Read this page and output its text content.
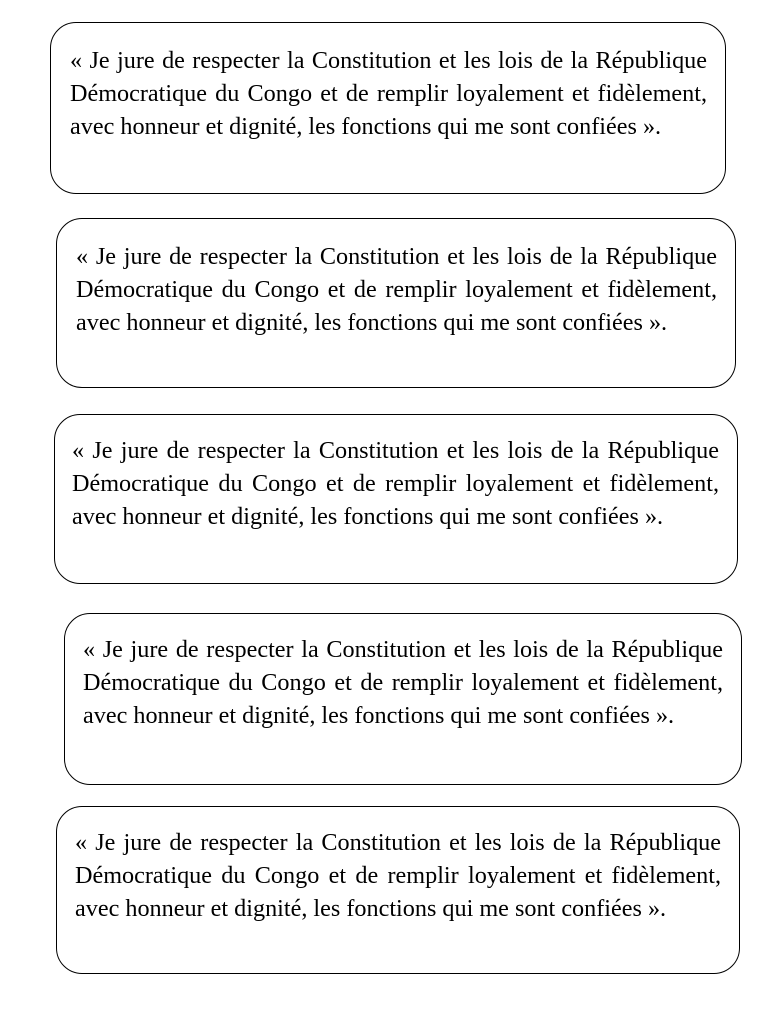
« Je jure de respecter la Constitution et les lois de la République Démocratique du Congo et de remplir loyalement et fidèlement, avec honneur et dignité, les fonctions qui me sont confiées ».

« Je jure de respecter la Constitution et les lois de la République Démocratique du Congo et de remplir loyalement et fidèlement, avec honneur et dignité, les fonctions qui me sont confiées ».

« Je jure de respecter la Constitution et les lois de la République Démocratique du Congo et de remplir loyalement et fidèlement, avec honneur et dignité, les fonctions qui me sont confiées ».

« Je jure de respecter la Constitution et les lois de la République Démocratique du Congo et de remplir loyalement et fidèlement, avec honneur et dignité, les fonctions qui me sont confiées ».

« Je jure de respecter la Constitution et les lois de la République Démocratique du Congo et de remplir loyalement et fidèlement, avec honneur et dignité, les fonctions qui me sont confiées ».
